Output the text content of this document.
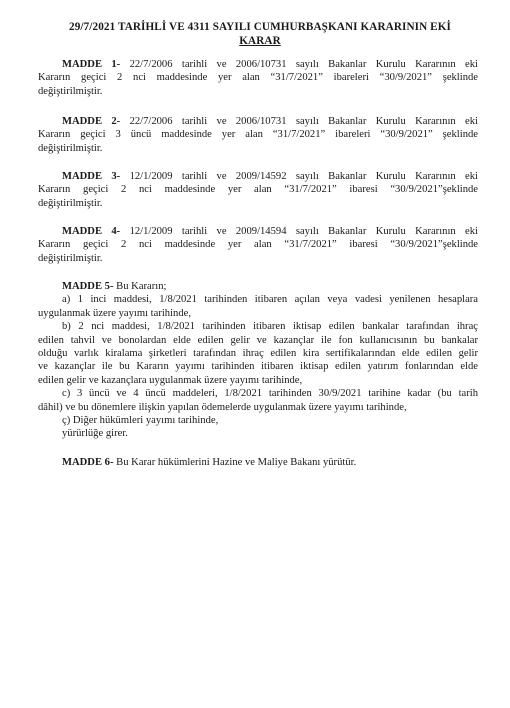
29/7/2021 TARİHLİ VE 4311 SAYILI CUMHURBAŞKANI KARARININ EKİ
KARAR
MADDE 1- 22/7/2006 tarihli ve 2006/10731 sayılı Bakanlar Kurulu Kararının eki
Kararın geçici 2 nci maddesinde yer alan “31/7/2021” ibareleri “30/9/2021” şeklinde
değiştirilmiştir.
MADDE 2- 22/7/2006 tarihli ve 2006/10731 sayılı Bakanlar Kurulu Kararının eki
Kararın geçici 3 üncü maddesinde yer alan “31/7/2021” ibareleri “30/9/2021” şeklinde
değiştirilmiştir.
MADDE 3- 12/1/2009 tarihli ve 2009/14592 sayılı Bakanlar Kurulu Kararının eki
Kararın geçici 2 nci maddesinde yer alan “31/7/2021” ibaresi “30/9/2021”şeklinde
değiştirilmiştir.
MADDE 4- 12/1/2009 tarihli ve 2009/14594 sayılı Bakanlar Kurulu Kararının eki
Kararın geçici 2 nci maddesinde yer alan “31/7/2021” ibaresi “30/9/2021”şeklinde
değiştirilmiştir.
MADDE 5- Bu Kararın;
a) 1 inci maddesi, 1/8/2021 tarihinden itibaren açılan veya vadesi yenilenen hesaplara
uygulanmak üzere yayımı tarihinde,
b) 2 nci maddesi, 1/8/2021 tarihinden itibaren iktisap edilen bankalar tarafından ihraç
edilen tahvil ve bonolardan elde edilen gelir ve kazançlar ile fon kullanıcısının bu bankalar
olduğu varlık kiralama şirketleri tarafından ihraç edilen kira sertifikalarından elde edilen gelir
ve kazançlar ile bu Kararın yayımı tarihinden itibaren iktisap edilen yatırım fonlarından elde
edilen gelir ve kazançlara uygulanmak üzere yayımı tarihinde,
c) 3 üncü ve 4 üncü maddeleri, 1/8/2021 tarihinden 30/9/2021 tarihine kadar (bu tarih
dâhil) ve bu dönemlere ilişkin yapılan ödemelerde uygulanmak üzere yayımı tarihinde,
ç) Diğer hükümleri yayımı tarihinde,
yürürlüğe girer.
MADDE 6- Bu Karar hükümlerini Hazine ve Maliye Bakanı yürütür.
